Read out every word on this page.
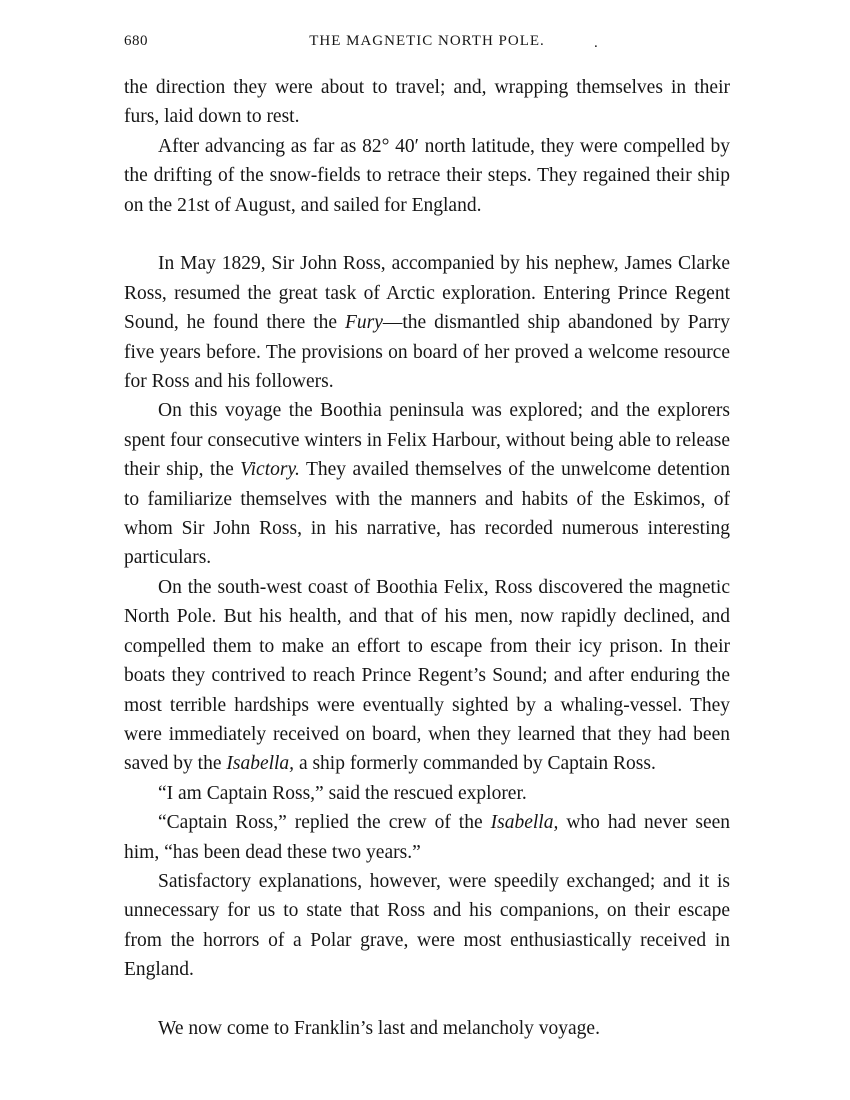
680	THE MAGNETIC NORTH POLE.	.

the direction they were about to travel; and, wrapping themselves in their furs, laid down to rest.

After advancing as far as 82° 40′ north latitude, they were compelled by the drifting of the snow-fields to retrace their steps. They regained their ship on the 21st of August, and sailed for England.

In May 1829, Sir John Ross, accompanied by his nephew, James Clarke Ross, resumed the great task of Arctic exploration. Entering Prince Regent Sound, he found there the Fury—the dismantled ship abandoned by Parry five years before. The provisions on board of her proved a welcome resource for Ross and his followers.

On this voyage the Boothia peninsula was explored; and the explorers spent four consecutive winters in Felix Harbour, without being able to release their ship, the Victory. They availed themselves of the unwelcome detention to familiarize themselves with the manners and habits of the Eskimos, of whom Sir John Ross, in his narrative, has recorded numerous interesting particulars.

On the south-west coast of Boothia Felix, Ross discovered the magnetic North Pole. But his health, and that of his men, now rapidly declined, and compelled them to make an effort to escape from their icy prison. In their boats they contrived to reach Prince Regent’s Sound; and after enduring the most terrible hardships were eventually sighted by a whaling-vessel. They were immediately received on board, when they learned that they had been saved by the Isabella, a ship formerly commanded by Captain Ross.

“I am Captain Ross,” said the rescued explorer.

“Captain Ross,” replied the crew of the Isabella, who had never seen him, “has been dead these two years.”

Satisfactory explanations, however, were speedily exchanged; and it is unnecessary for us to state that Ross and his companions, on their escape from the horrors of a Polar grave, were most enthusiastically received in England.

We now come to Franklin’s last and melancholy voyage.
